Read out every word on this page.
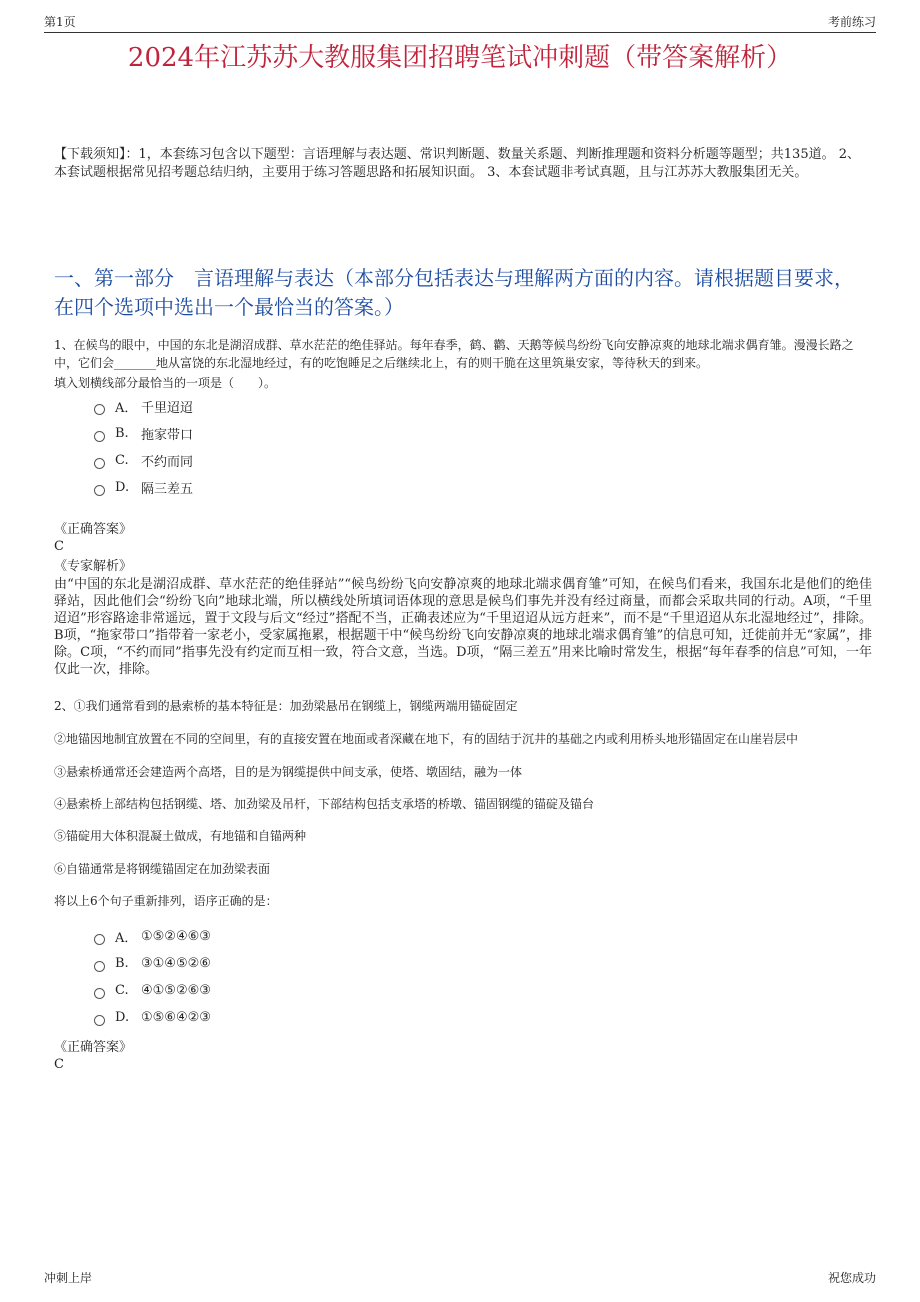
第1页	考前练习
2024年江苏苏大教服集团招聘笔试冲刺题（带答案解析）
【下载须知】：1，本套练习包含以下题型：言语理解与表达题、常识判断题、数量关系题、判断推理题和资料分析题等题型；共135道。 2、本套试题根据常见招考题总结归纳，主要用于练习答题思路和拓展知识面。 3、本套试题非考试真题，且与江苏苏大教服集团无关。
一、第一部分　言语理解与表达（本部分包括表达与理解两方面的内容。请根据题目要求，在四个选项中选出一个最恰当的答案。）
1、在候鸟的眼中，中国的东北是湖沼成群、草水茫茫的绝佳驿站。每年春季，鹤、鹳、天鹅等候鸟纷纷飞向安静凉爽的地球北端求偶育雏。漫漫长路之中，它们会_______地从富饶的东北湿地经过，有的吃饱睡足之后继续北上，有的则干脆在这里筑巢安家，等待秋天的到来。
填入划横线部分最恰当的一项是（　　）。
A． 千里迢迢
B. 拖家带口
C. 不约而同
D. 隔三差五
《正确答案》
C
《专家解析》
由“中国的东北是湖沼成群、草水茫茫的绝佳驿站”“候鸟纷纷飞向安静凉爽的地球北端求偶育雏”可知，在候鸟们看来，我国东北是他们的绝佳驿站，因此他们会“纷纷飞向”地球北端，所以横线处所填词语体现的意思是候鸟们事先并没有经过商量，而都会采取共同的行动。A项，“千里迢迢”形容路途非常遥远，置于文段与后文“经过”搭配不当，正确表述应为“千里迢迢从远方赶来”，而不是“千里迢迢从东北湿地经过”，排除。B项，“拖家带口”指带着一家老小，受家属拖累，根据题干中“候鸟纷纷飞向安静凉爽的地球北端求偶育雏”的信息可知，迁徙前并无“家属”，排除。C项，“不约而同”指事先没有约定而互相一致，符合文意，当选。D项，“隔三差五”用来比喻时常发生，根据“每年春季的信息”可知，一年仅此一次，排除。
2、①我们通常看到的悬索桥的基本特征是：加劲梁悬吊在钢缆上，钢缆两端用锚碇固定
②地锚因地制宜放置在不同的空间里，有的直接安置在地面或者深藏在地下，有的固结于沉井的基础之内或利用桥头地形锚固定在山崖岩层中
③悬索桥通常还会建造两个高塔，目的是为钢缆提供中间支承，使塔、墩固结，融为一体
④悬索桥上部结构包括钢缆、塔、加劲梁及吊杆，下部结构包括支承塔的桥墩、锚固钢缆的锚碇及锚台
⑤锚碇用大体积混凝土做成，有地锚和自锚两种
⑥自锚通常是将钢缆锚固定在加劲梁表面
将以上6个句子重新排列，语序正确的是：
A． ①⑤②④⑥③
B. ③①④⑤②⑥
C. ④①⑤②⑥③
D. ①⑤⑥④②③
《正确答案》
C
冲刺上岸	祝您成功
